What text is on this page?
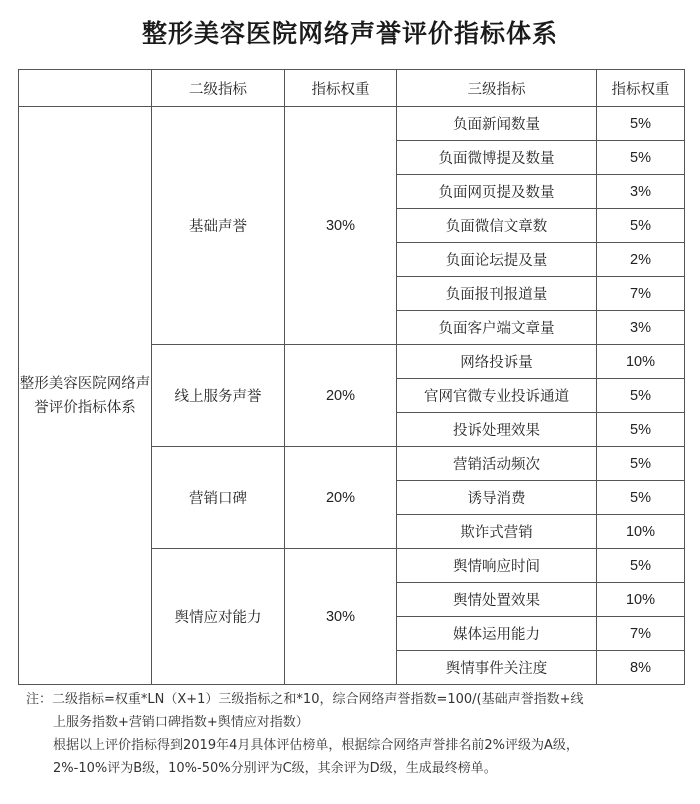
整形美容医院网络声誉评价指标体系
	二级指标	指标权重	三级指标	指标权重
整形美容医院网络声誉评价指标体系	基础声誉	30%	负面新闻数量	5%
			负面微博提及数量	5%
			负面网页提及数量	3%
			负面微信文章数	5%
			负面论坛提及量	2%
			负面报刊报道量	7%
			负面客户端文章量	3%
	线上服务声誉	20%	网络投诉量	10%
			官网官微专业投诉通道	5%
			投诉处理效果	5%
	营销口碑	20%	营销活动频次	5%
			诱导消费	5%
			欺诈式营销	10%
	舆情应对能力	30%	舆情响应时间	5%
			舆情处置效果	10%
			媒体运用能力	7%
			舆情事件关注度	8%

注：二级指标=权重*LN（X+1）三级指标之和*10，综合网络声誉指数=100/(基础声誉指数+线

上服务指数+营销口碑指数+舆情应对指数）

根据以上评价指标得到2019年4月具体评估榜单，根据综合网络声誉排名前2%评级为A级，

2%-10%评为B级，10%-50%分别评为C级，其余评为D级，生成最终榜单。
